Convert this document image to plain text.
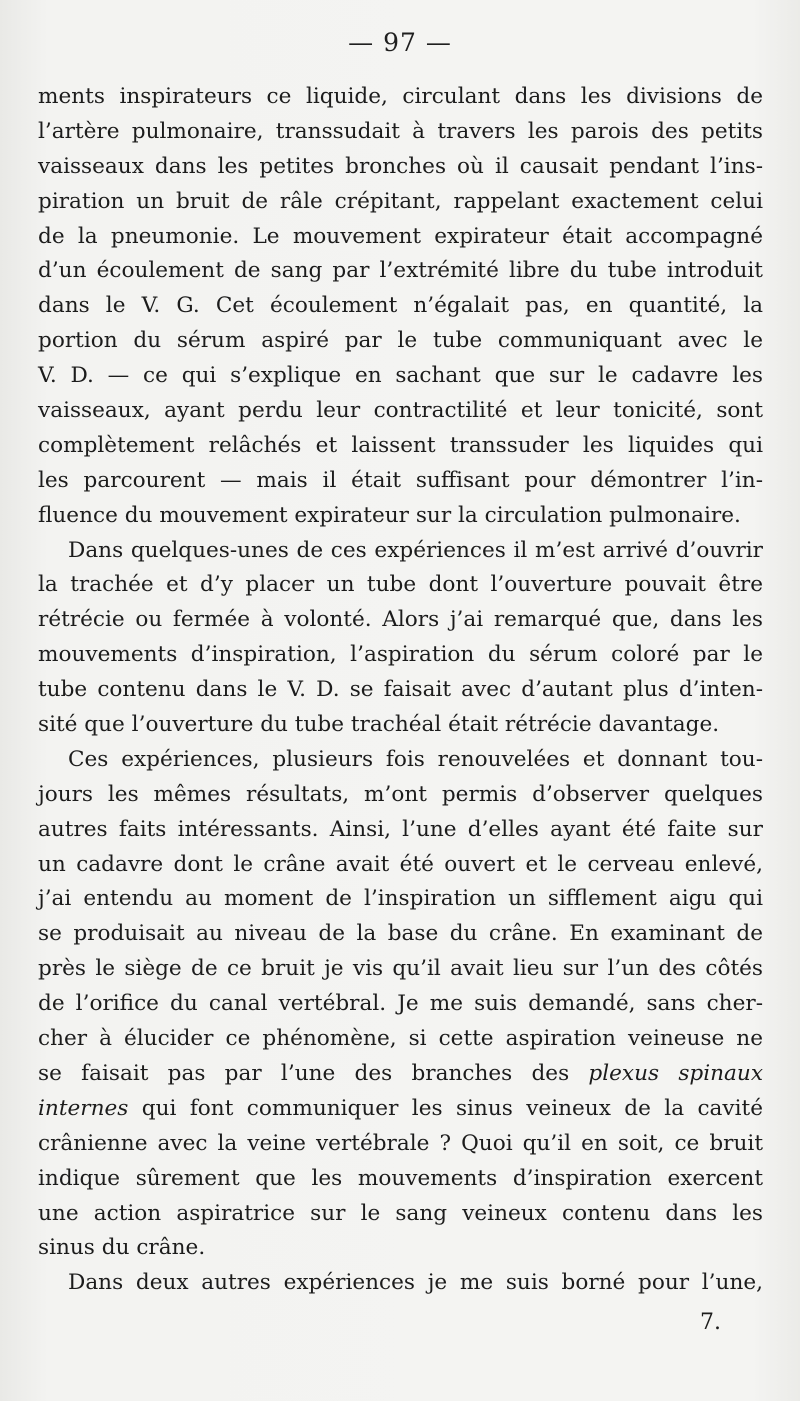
— 97 —
ments inspirateurs ce liquide, circulant dans les divisions de
l’artère pulmonaire, transsudait à travers les parois des petits
vaisseaux dans les petites bronches où il causait pendant l’ins-
piration un bruit de râle crépitant, rappelant exactement celui
de la pneumonie. Le mouvement expirateur était accompagné
d’un écoulement de sang par l’extrémité libre du tube introduit
dans le V. G. Cet écoulement n’égalait pas, en quantité, la
portion du sérum aspiré par le tube communiquant avec le
V. D. — ce qui s’explique en sachant que sur le cadavre les
vaisseaux, ayant perdu leur contractilité et leur tonicité, sont
complètement relâchés et laissent transsuder les liquides qui
les parcourent — mais il était suffisant pour démontrer l’in-
fluence du mouvement expirateur sur la circulation pulmonaire.
Dans quelques-unes de ces expériences il m’est arrivé d’ouvrir
la trachée et d’y placer un tube dont l’ouverture pouvait être
rétrécie ou fermée à volonté. Alors j’ai remarqué que, dans les
mouvements d’inspiration, l’aspiration du sérum coloré par le
tube contenu dans le V. D. se faisait avec d’autant plus d’inten-
sité que l’ouverture du tube trachéal était rétrécie davantage.
Ces expériences, plusieurs fois renouvelées et donnant tou-
jours les mêmes résultats, m’ont permis d’observer quelques
autres faits intéressants. Ainsi, l’une d’elles ayant été faite sur
un cadavre dont le crâne avait été ouvert et le cerveau enlevé,
j’ai entendu au moment de l’inspiration un sifflement aigu qui
se produisait au niveau de la base du crâne. En examinant de
près le siège de ce bruit je vis qu’il avait lieu sur l’un des côtés
de l’orifice du canal vertébral. Je me suis demandé, sans cher-
cher à élucider ce phénomène, si cette aspiration veineuse ne
se faisait pas par l’une des branches des plexus spinaux
internes qui font communiquer les sinus veineux de la cavité
crânienne avec la veine vertébrale ? Quoi qu’il en soit, ce bruit
indique sûrement que les mouvements d’inspiration exercent
une action aspiratrice sur le sang veineux contenu dans les
sinus du crâne.
Dans deux autres expériences je me suis borné pour l’une,
7.
